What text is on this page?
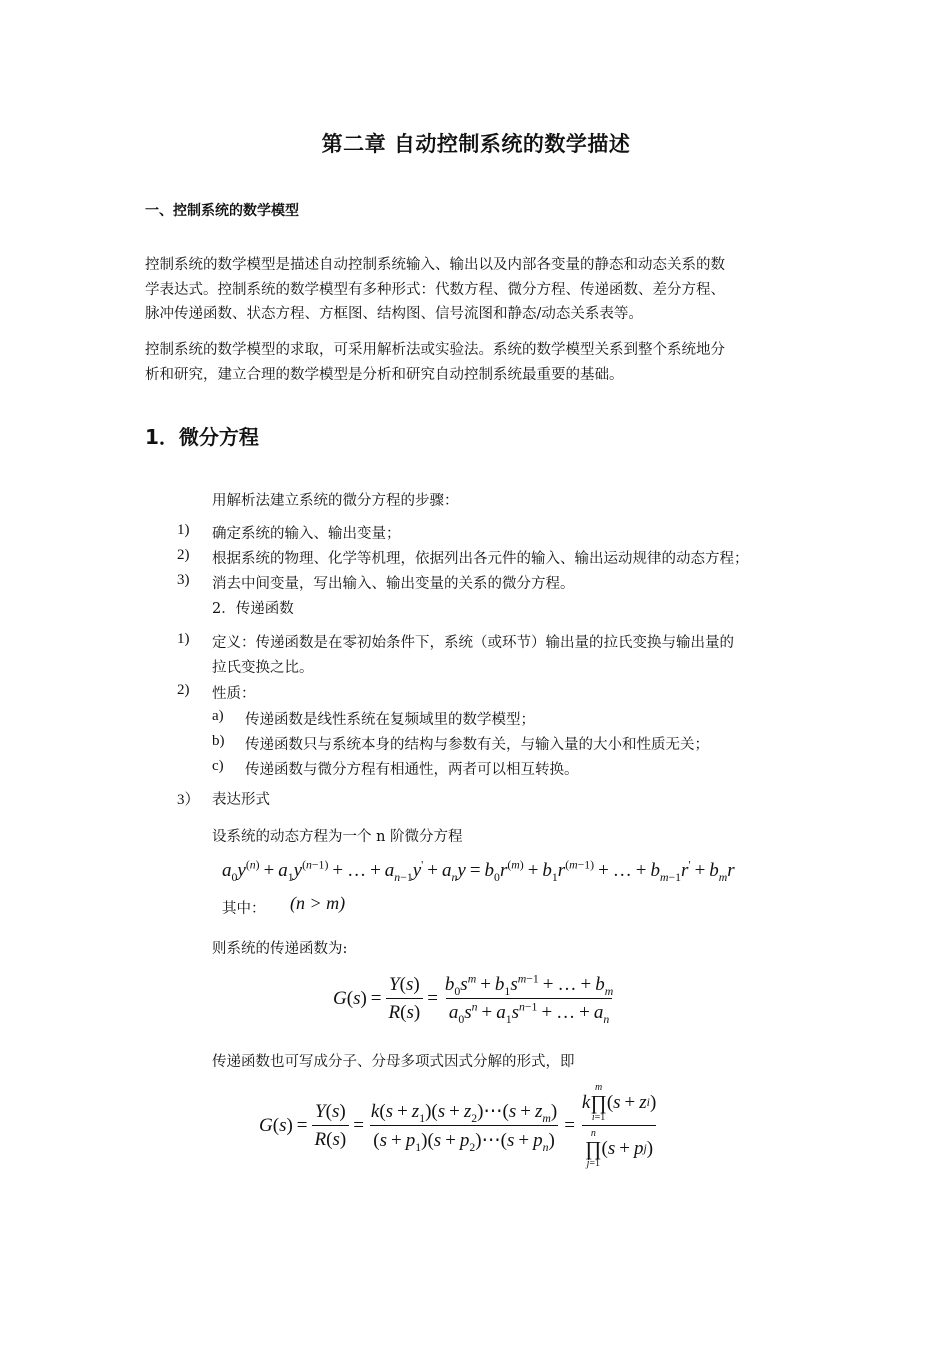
第二章 自动控制系统的数学描述
一、控制系统的数学模型
控制系统的数学模型是描述自动控制系统输入、输出以及内部各变量的静态和动态关系的数
学表达式。控制系统的数学模型有多种形式：代数方程、微分方程、传递函数、差分方程、
脉冲传递函数、状态方程、方框图、结构图、信号流图和静态/动态关系表等。
控制系统的数学模型的求取，可采用解析法或实验法。系统的数学模型关系到整个系统地分
析和研究，建立合理的数学模型是分析和研究自动控制系统最重要的基础。
1．微分方程
用解析法建立系统的微分方程的步骤：
1) 确定系统的输入、输出变量；
2) 根据系统的物理、化学等机理，依据列出各元件的输入、输出运动规律的动态方程；
3) 消去中间变量，写出输入、输出变量的关系的微分方程。
2．传递函数
1) 定义：传递函数是在零初始条件下，系统（或环节）输出量的拉氏变换与输出量的
拉氏变换之比。
2) 性质：
a) 传递函数是线性系统在复频域里的数学模型；
b) 传递函数只与系统本身的结构与参数有关，与输入量的大小和性质无关；
c) 传递函数与微分方程有相通性，两者可以相互转换。
3） 表达形式
设系统的动态方程为一个 n 阶微分方程
$a_0y^{(n)} + a_1y^{(n-1)}$ + … + $a_{n-1}y' + a_ny = b_0r^{(m)} + b_1r^{(m-1)}$ + … + $b_{m-1}r' + b_mr$
其中： (n > m)
则系统的传递函数为:
$G(s) = \frac{Y(s)}{R(s)} = \frac{b_0s^m + b_1s^{m-1} + \dots + b_m}{a_0s^n + a_1s^{n-1} + \dots + a_n}$
传递函数也可写成分子、分母多项式因式分解的形式，即
$G(s) = \frac{Y(s)}{R(s)} = \frac{k(s + z_1)(s + z_2)\cdots(s + z_m)}{(s + p_1)(s + p_2)\cdots(s + p_n)} = k$
m
∏
i=1
( s + z i )
n
∏
j=1
( s + p j )
